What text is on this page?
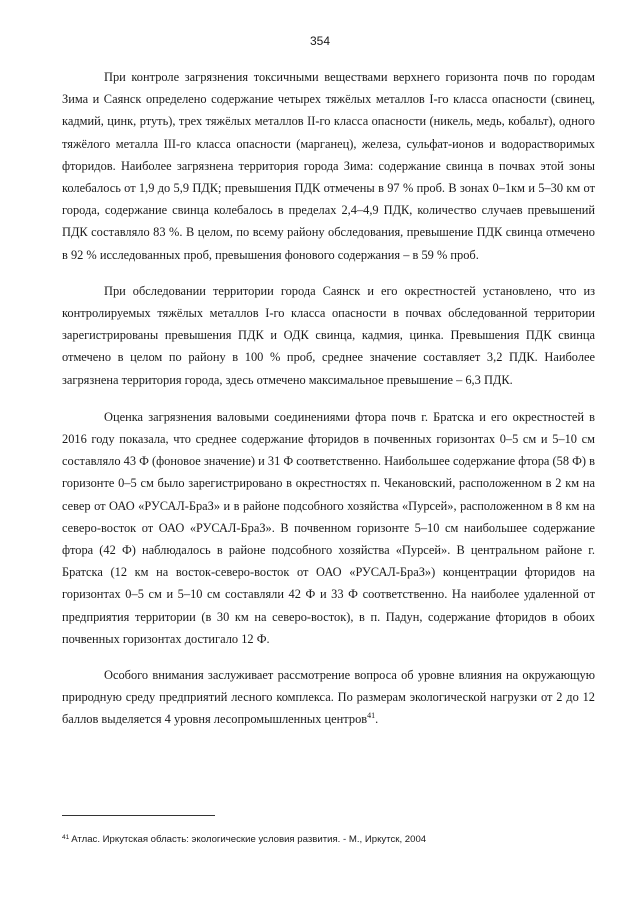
354

При контроле загрязнения токсичными веществами верхнего горизонта почв по городам Зима и Саянск определено содержание четырех тяжёлых металлов I-го класса опасности (свинец, кадмий, цинк, ртуть), трех тяжёлых металлов II-го класса опасности (никель, медь, кобальт), одного тяжёлого металла III-го класса опасности (марганец), железа, сульфат-ионов и водорастворимых фторидов. Наиболее загрязнена территория города Зима: содержание свинца в почвах этой зоны колебалось от 1,9 до 5,9 ПДК; превышения ПДК отмечены в 97 % проб. В зонах 0–1км и 5–30 км от города, содержание свинца колебалось в пределах 2,4–4,9 ПДК, количество случаев превышений ПДК составляло 83 %. В целом, по всему району обследования, превышение ПДК свинца отмечено в 92 % исследованных проб, превышения фонового содержания – в 59 % проб.

При обследовании территории города Саянск и его окрестностей установлено, что из контролируемых тяжёлых металлов I-го класса опасности в почвах обследованной территории зарегистрированы превышения ПДК и ОДК свинца, кадмия, цинка. Превышения ПДК свинца отмечено в целом по району в 100 % проб, среднее значение составляет 3,2 ПДК. Наиболее загрязнена территория города, здесь отмечено максимальное превышение – 6,3 ПДК.

Оценка загрязнения валовыми соединениями фтора почв г. Братска и его окрестностей в 2016 году показала, что среднее содержание фторидов в почвенных горизонтах 0–5 см и 5–10 см составляло 43 Ф (фоновое значение) и 31 Ф соответственно. Наибольшее содержание фтора (58 Ф) в горизонте 0–5 см было зарегистрировано в окрестностях п. Чекановский, расположенном в 2 км на север от ОАО «РУСАЛ-БраЗ» и в районе подсобного хозяйства «Пурсей», расположенном в 8 км на северо-восток от ОАО «РУСАЛ-БраЗ». В почвенном горизонте 5–10 см наибольшее содержание фтора (42 Ф) наблюдалось в районе подсобного хозяйства «Пурсей». В центральном районе г. Братска (12 км на восток-северо-восток от ОАО «РУСАЛ-БраЗ») концентрации фторидов на горизонтах 0–5 см и 5–10 см составляли 42 Ф и 33 Ф соответственно. На наиболее удаленной от предприятия территории (в 30 км на северо-восток), в п. Падун, содержание фторидов в обоих почвенных горизонтах достигало 12 Ф.

Особого внимания заслуживает рассмотрение вопроса об уровне влияния на окружающую природную среду предприятий лесного комплекса. По размерам экологической нагрузки от 2 до 12 баллов выделяется 4 уровня лесопромышленных центров$^{41}$.

$^{41}$ Атлас. Иркутская область: экологические условия развития. - М., Иркутск, 2004
